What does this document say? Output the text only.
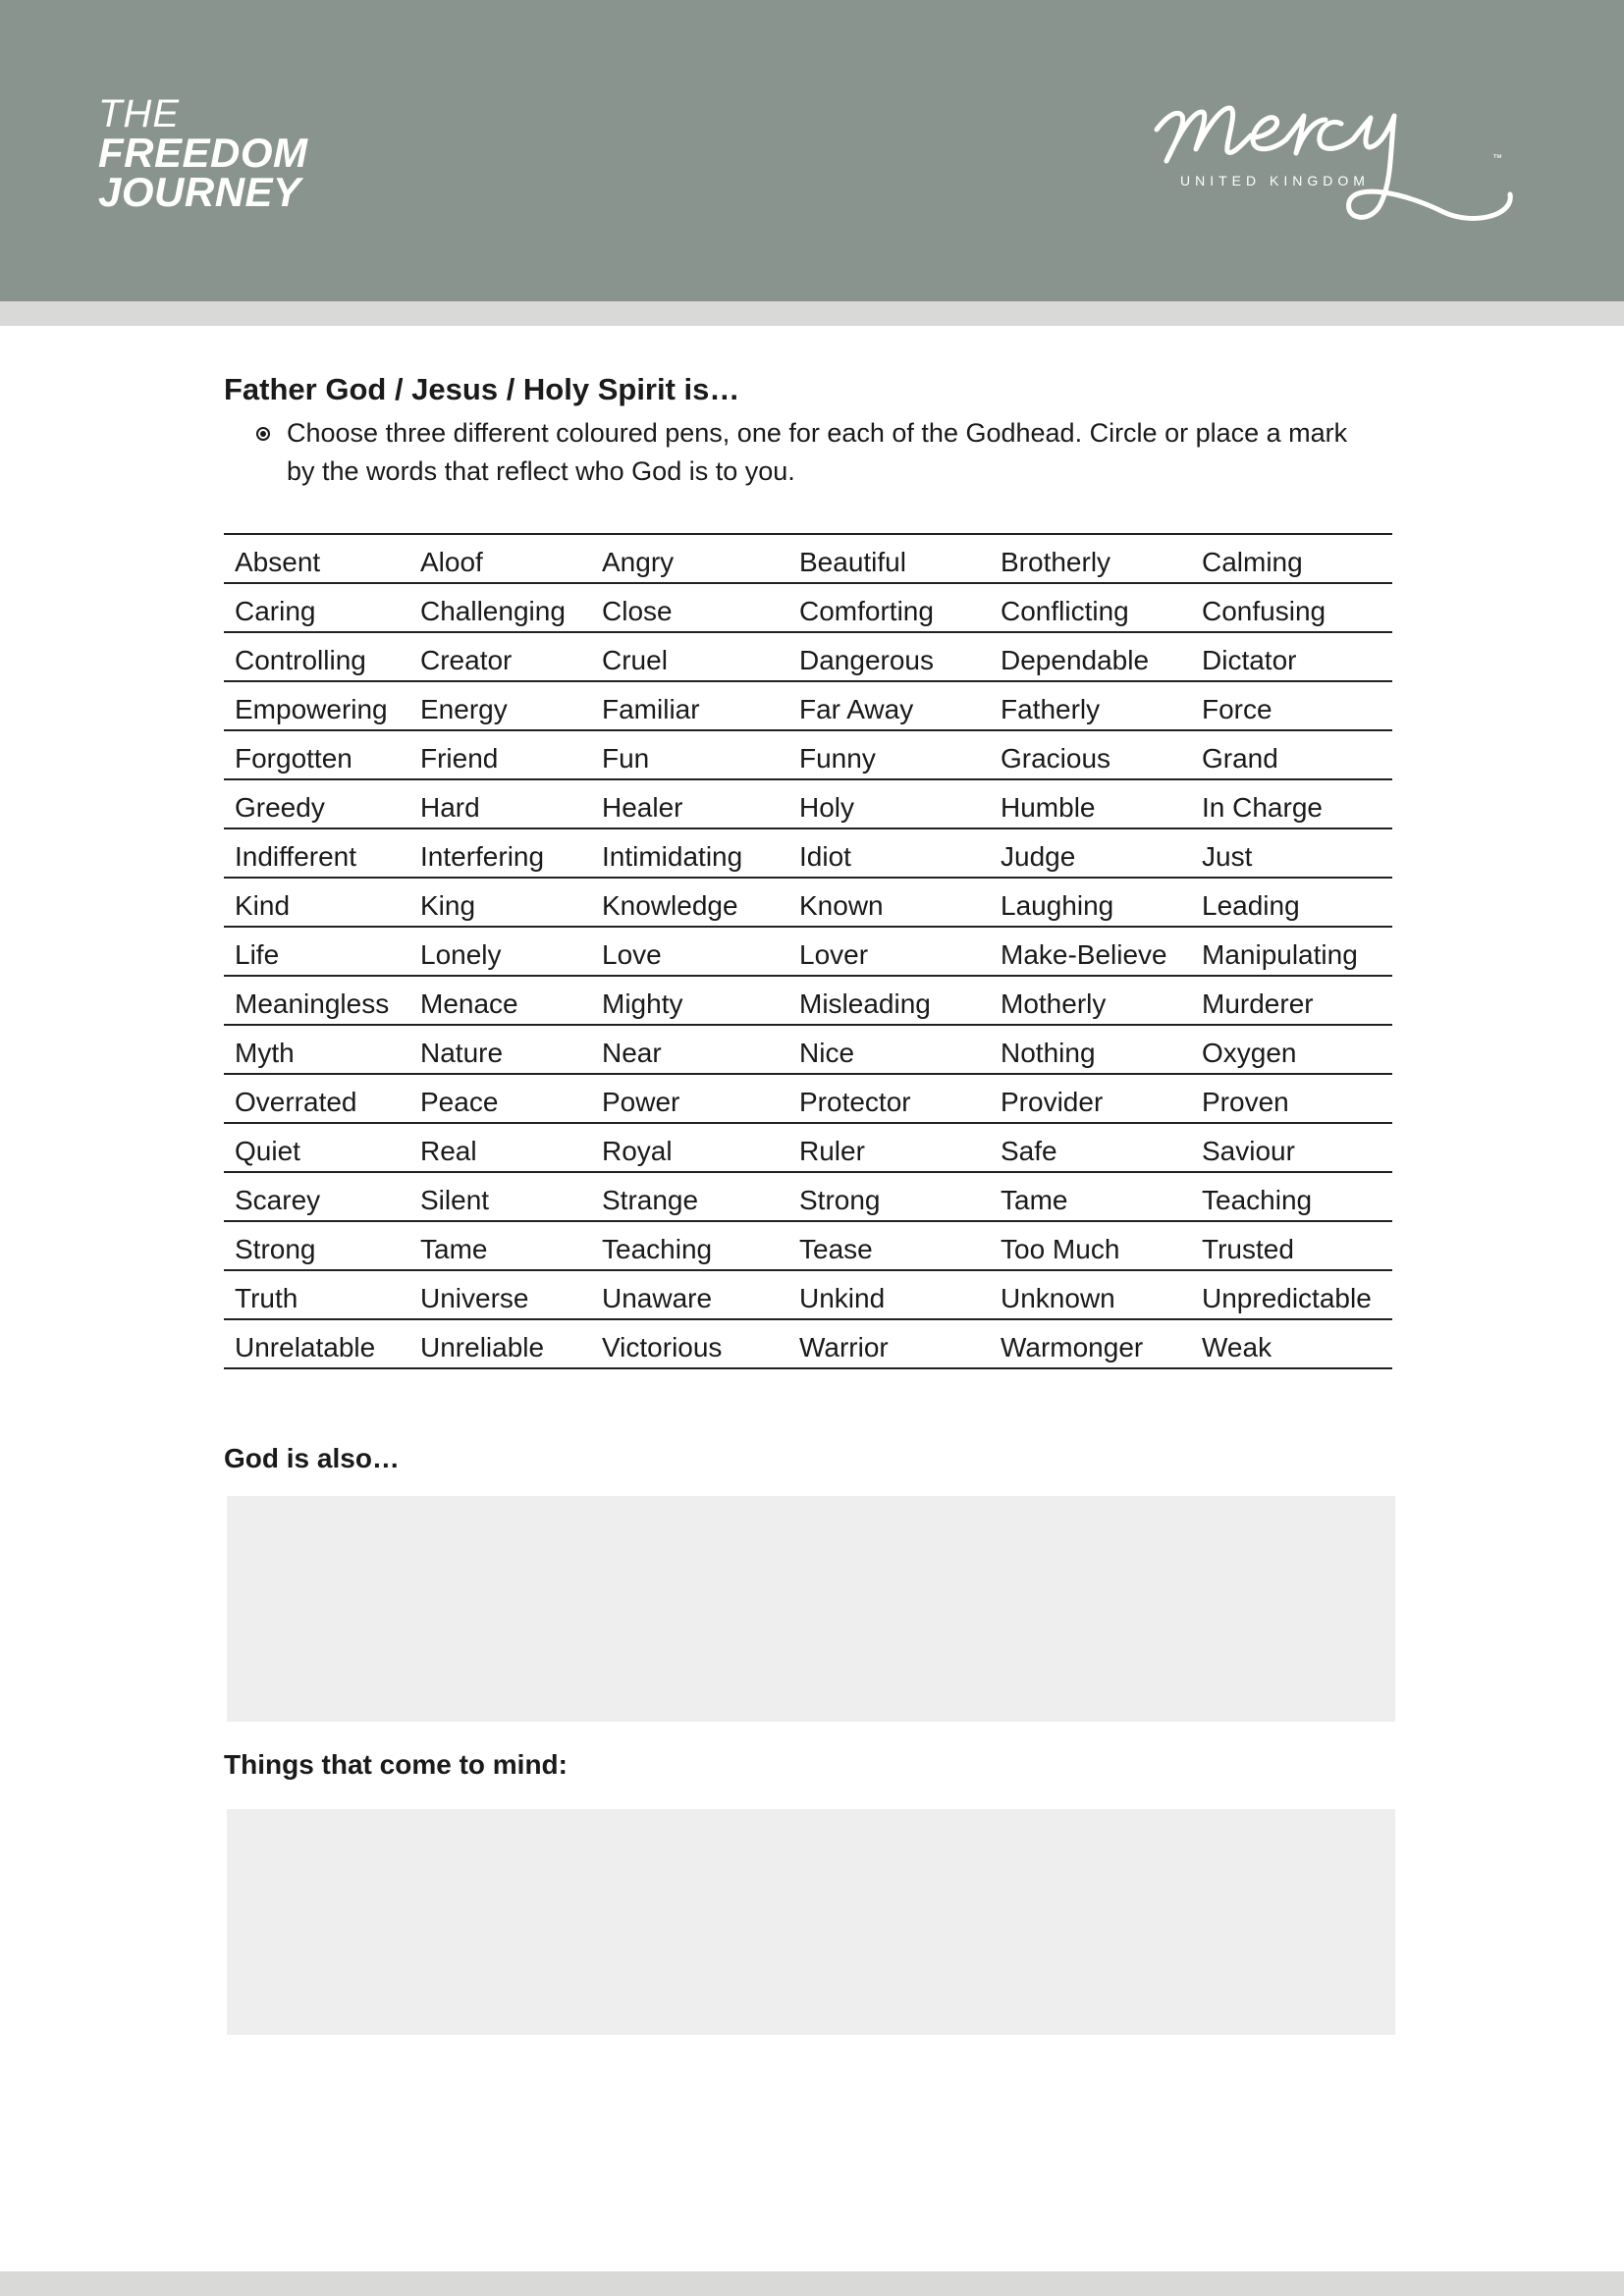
THE
FREEDOM
JOURNEY	UNITED KINGDOM
™
Father God / Jesus / Holy Spirit is…
Choose three different coloured pens, one for each of the Godhead. Circle or place a mark by the words that reflect who God is to you.
Absent	Aloof	Angry	Beautiful	Brotherly	Calming
Caring	Challenging	Close	Comforting	Conflicting	Confusing
Controlling	Creator	Cruel	Dangerous	Dependable	Dictator
Empowering	Energy	Familiar	Far Away	Fatherly	Force
Forgotten	Friend	Fun	Funny	Gracious	Grand
Greedy	Hard	Healer	Holy	Humble	In Charge
Indifferent	Interfering	Intimidating	Idiot	Judge	Just
Kind	King	Knowledge	Known	Laughing	Leading
Life	Lonely	Love	Lover	Make-Believe	Manipulating
Meaningless	Menace	Mighty	Misleading	Motherly	Murderer
Myth	Nature	Near	Nice	Nothing	Oxygen
Overrated	Peace	Power	Protector	Provider	Proven
Quiet	Real	Royal	Ruler	Safe	Saviour
Scarey	Silent	Strange	Strong	Tame	Teaching
Strong	Tame	Teaching	Tease	Too Much	Trusted
Truth	Universe	Unaware	Unkind	Unknown	Unpredictable
Unrelatable	Unreliable	Victorious	Warrior	Warmonger	Weak
God is also…
Things that come to mind:
